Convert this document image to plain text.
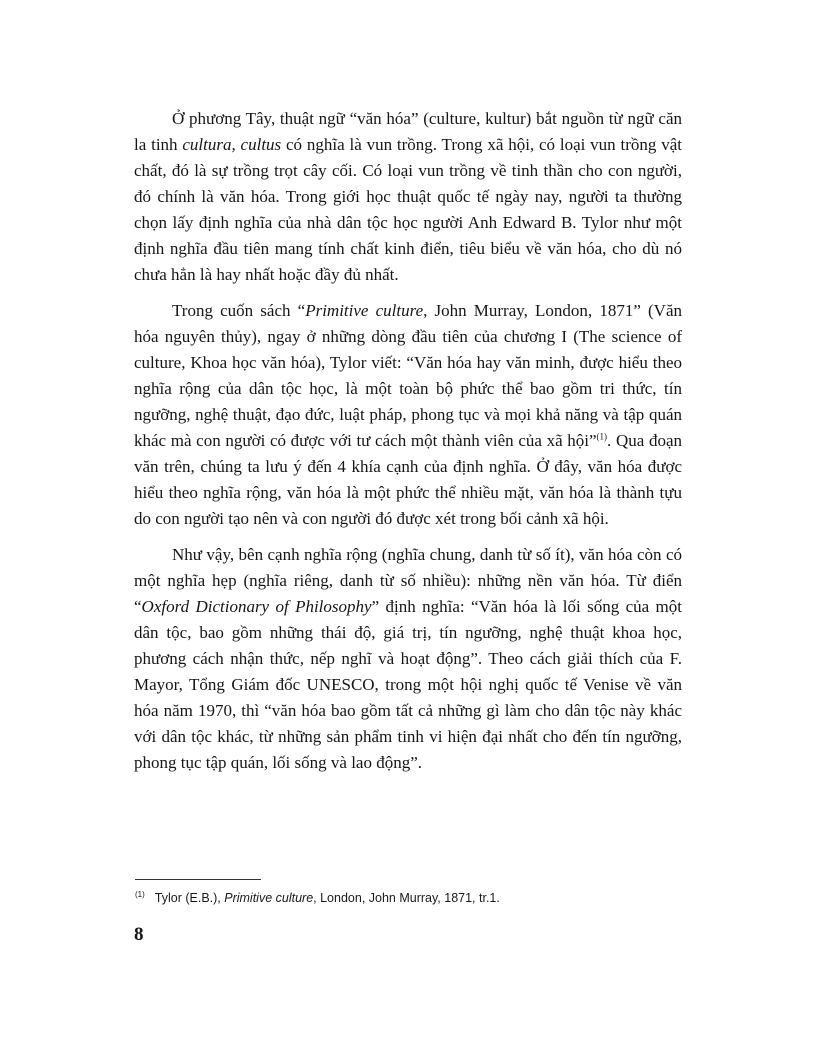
Ở phương Tây, thuật ngữ “văn hóa” (culture, kultur) bắt nguồn từ ngữ căn la tinh cultura, cultus có nghĩa là vun trồng. Trong xã hội, có loại vun trồng vật chất, đó là sự trồng trọt cây cối. Có loại vun trồng về tinh thần cho con người, đó chính là văn hóa. Trong giới học thuật quốc tế ngày nay, người ta thường chọn lấy định nghĩa của nhà dân tộc học người Anh Edward B. Tylor như một định nghĩa đầu tiên mang tính chất kinh điển, tiêu biểu về văn hóa, cho dù nó chưa hẳn là hay nhất hoặc đầy đủ nhất.

Trong cuốn sách “Primitive culture, John Murray, London, 1871” (Văn hóa nguyên thủy), ngay ở những dòng đầu tiên của chương I (The science of culture, Khoa học văn hóa), Tylor viết: “Văn hóa hay văn minh, được hiểu theo nghĩa rộng của dân tộc học, là một toàn bộ phức thể bao gồm tri thức, tín ngưỡng, nghệ thuật, đạo đức, luật pháp, phong tục và mọi khả năng và tập quán khác mà con người có được với tư cách một thành viên của xã hội”$^{(1)}$. Qua đoạn văn trên, chúng ta lưu ý đến 4 khía cạnh của định nghĩa. Ở đây, văn hóa được hiểu theo nghĩa rộng, văn hóa là một phức thể nhiều mặt, văn hóa là thành tựu do con người tạo nên và con người đó được xét trong bối cảnh xã hội.

Như vậy, bên cạnh nghĩa rộng (nghĩa chung, danh từ số ít), văn hóa còn có một nghĩa hẹp (nghĩa riêng, danh từ số nhiều): những nền văn hóa. Từ điển “Oxford Dictionary of Philosophy” định nghĩa: “Văn hóa là lối sống của một dân tộc, bao gồm những thái độ, giá trị, tín ngưỡng, nghệ thuật khoa học, phương cách nhận thức, nếp nghĩ và hoạt động”. Theo cách giải thích của F. Mayor, Tổng Giám đốc UNESCO, trong một hội nghị quốc tế Venise về văn hóa năm 1970, thì “văn hóa bao gồm tất cả những gì làm cho dân tộc này khác với dân tộc khác, từ những sản phẩm tinh vi hiện đại nhất cho đến tín ngưỡng, phong tục tập quán, lối sống và lao động”.

$^{(1)}$ Tylor (E.B.), Primitive culture, London, John Murray, 1871, tr.1.
8
